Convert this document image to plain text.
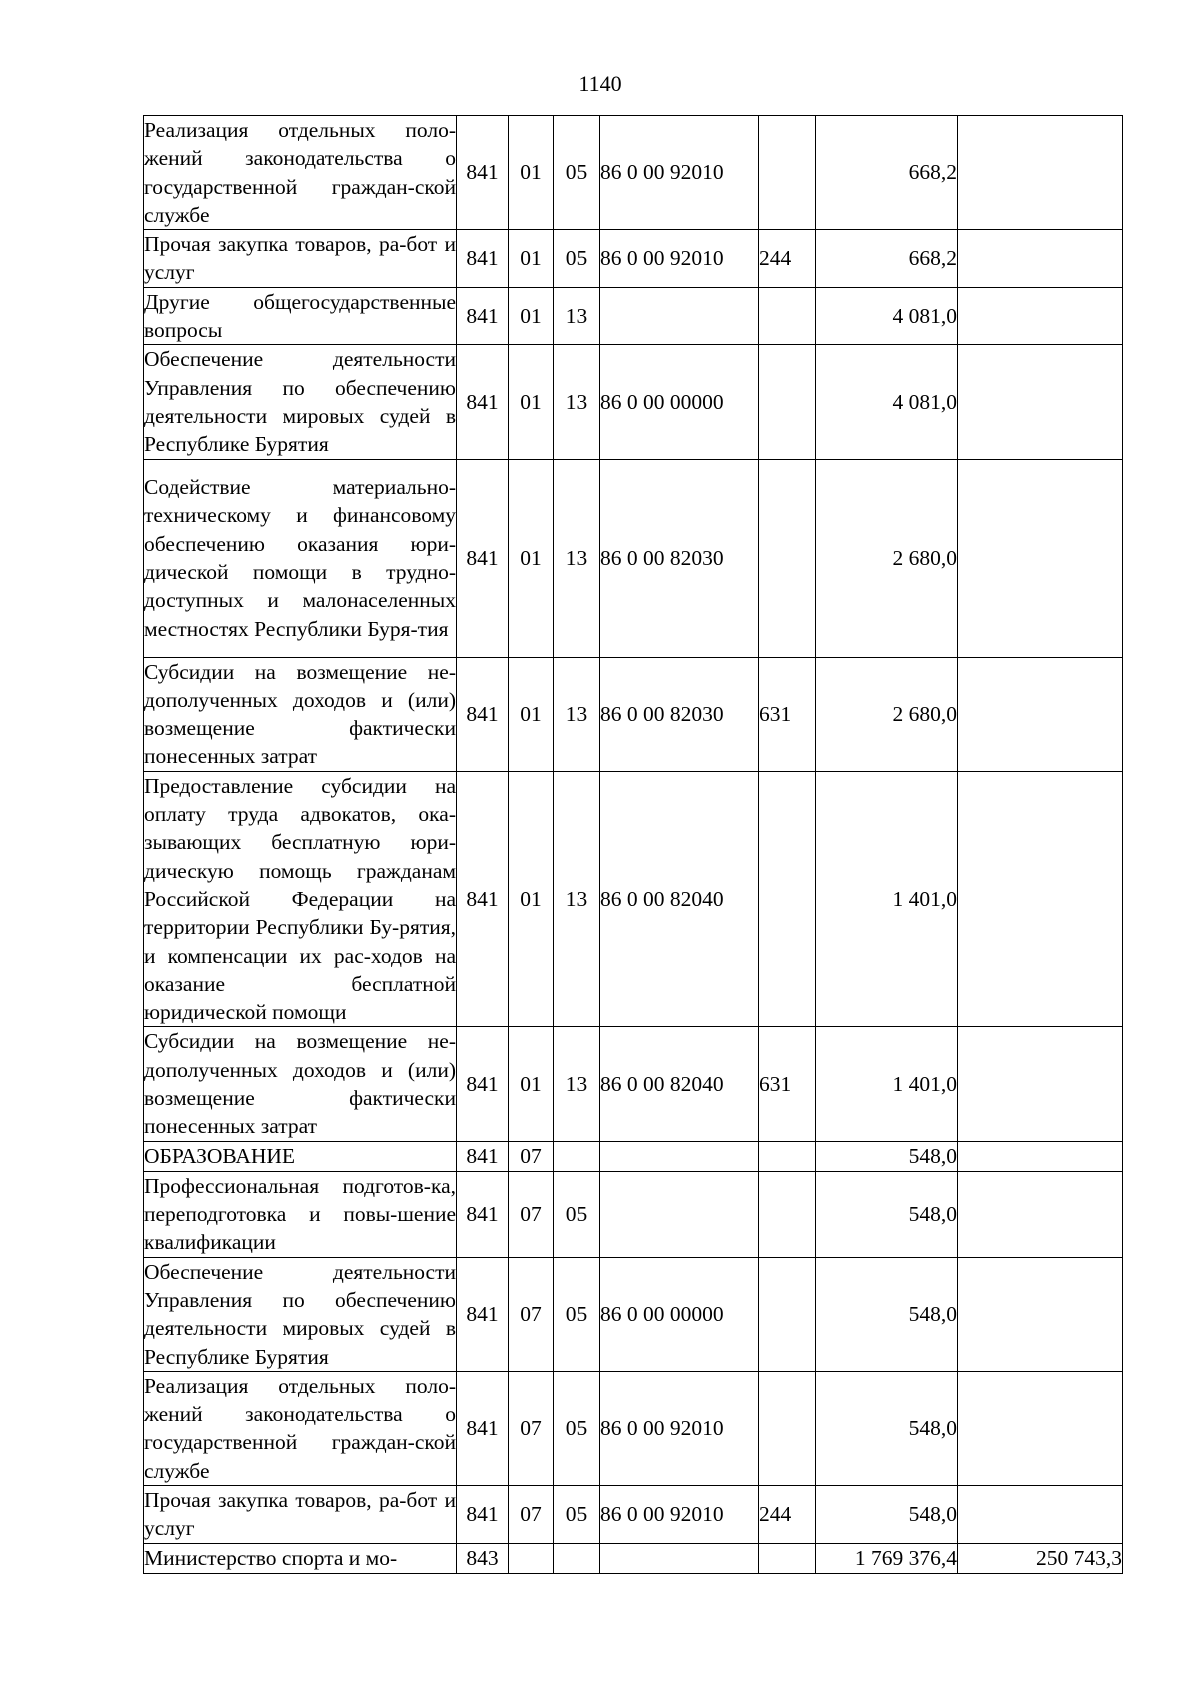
1140
Реализация отдельных поло-жений законодательства о государственной граждан-ской службе	841	01	05	86 0 00 92010		668,2	
Прочая закупка товаров, ра-бот и услуг	841	01	05	86 0 00 92010	244	668,2	
Другие общегосударственные вопросы	841	01	13			4 081,0	
Обеспечение деятельности Управления по обеспечению деятельности мировых судей в Республике Бурятия	841	01	13	86 0 00 00000		4 081,0	
Содействие материально-техническому и финансовому обеспечению оказания юри-дической помощи в трудно-доступных и малонаселенных местностях Республики Буря-тия	841	01	13	86 0 00 82030		2 680,0	
Субсидии на возмещение не-дополученных доходов и (или) возмещение фактически понесенных затрат	841	01	13	86 0 00 82030	631	2 680,0	
Предоставление субсидии на оплату труда адвокатов, ока-зывающих бесплатную юри-дическую помощь гражданам Российской Федерации на территории Республики Бу-рятия, и компенсации их рас-ходов на оказание бесплатной юридической помощи	841	01	13	86 0 00 82040		1 401,0	
Субсидии на возмещение не-дополученных доходов и (или) возмещение фактически понесенных затрат	841	01	13	86 0 00 82040	631	1 401,0	
ОБРАЗОВАНИЕ	841	07				548,0	
Профессиональная подготов-ка, переподготовка и повы-шение квалификации	841	07	05			548,0	
Обеспечение деятельности Управления по обеспечению деятельности мировых судей в Республике Бурятия	841	07	05	86 0 00 00000		548,0	
Реализация отдельных поло-жений законодательства о государственной граждан-ской службе	841	07	05	86 0 00 92010		548,0	
Прочая закупка товаров, ра-бот и услуг	841	07	05	86 0 00 92010	244	548,0	
Министерство спорта и мо-	843					1 769 376,4	250 743,3
